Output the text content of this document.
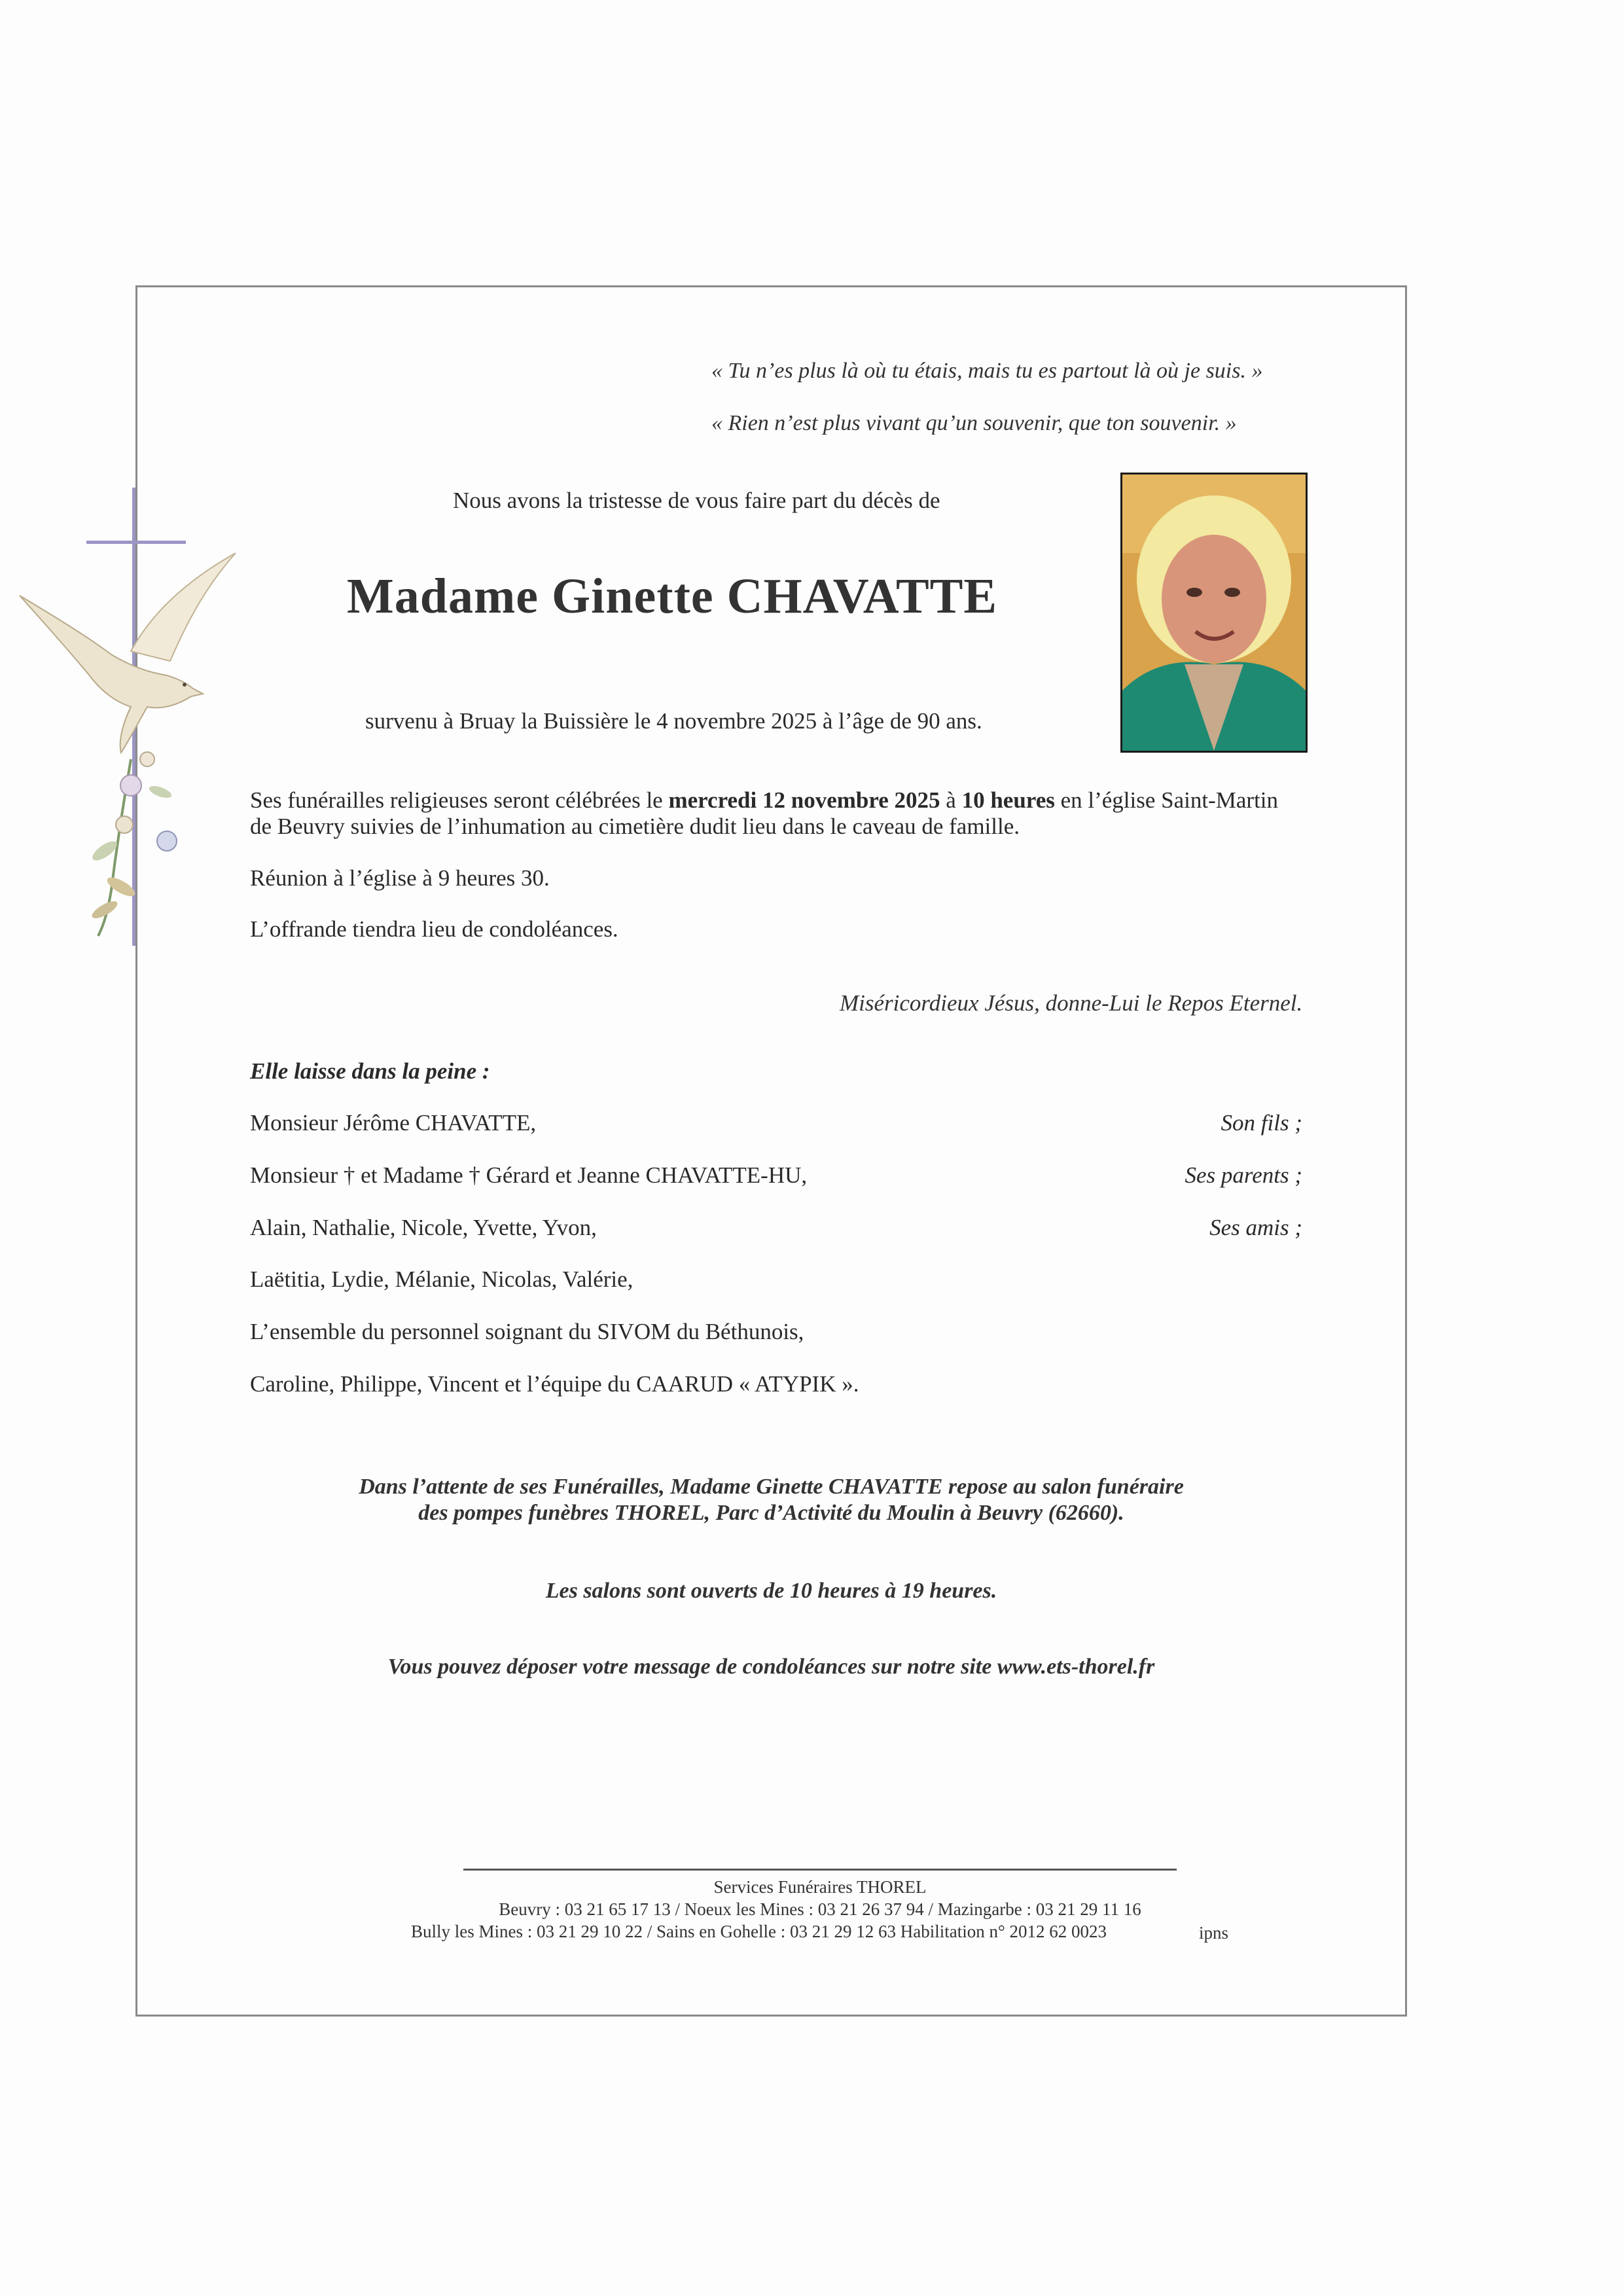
« Tu n’es plus là où tu étais, mais tu es partout là où je suis. »
« Rien n’est plus vivant qu’un souvenir, que ton souvenir. »
Nous avons la tristesse de vous faire part du décès de
Madame Ginette CHAVATTE
survenu à Bruay la Buissière le 4 novembre 2025 à l’âge de 90 ans.
Ses funérailles religieuses seront célébrées le mercredi 12 novembre 2025 à 10 heures en l’église Saint-Martin
de Beuvry suivies de l’inhumation au cimetière dudit lieu dans le caveau de famille.
Réunion à l’église à 9 heures 30.
L’offrande tiendra lieu de condoléances.
Miséricordieux Jésus, donne-Lui le Repos Eternel.
Elle laisse dans la peine :
Monsieur Jérôme CHAVATTE,	Son fils ;
Monsieur † et Madame † Gérard et Jeanne CHAVATTE-HU,	Ses parents ;
Alain, Nathalie, Nicole, Yvette, Yvon,	Ses amis ;
Laëtitia, Lydie, Mélanie, Nicolas, Valérie,
L’ensemble du personnel soignant du SIVOM du Béthunois,
Caroline, Philippe, Vincent et l’équipe du CAARUD « ATYPIK ».
Dans l’attente de ses Funérailles, Madame Ginette CHAVATTE repose au salon funéraire
des pompes funèbres THOREL, Parc d’Activité du Moulin à Beuvry (62660).
Les salons sont ouverts de 10 heures à 19 heures.
Vous pouvez déposer votre message de condoléances sur notre site www.ets-thorel.fr
Services Funéraires THOREL
Beuvry : 03 21 65 17 13 / Noeux les Mines : 03 21 26 37 94 / Mazingarbe : 03 21 29 11 16
Bully les Mines : 03 21 29 10 22 / Sains en Gohelle : 03 21 29 12 63 Habilitation n° 2012 62 0023	ipns
